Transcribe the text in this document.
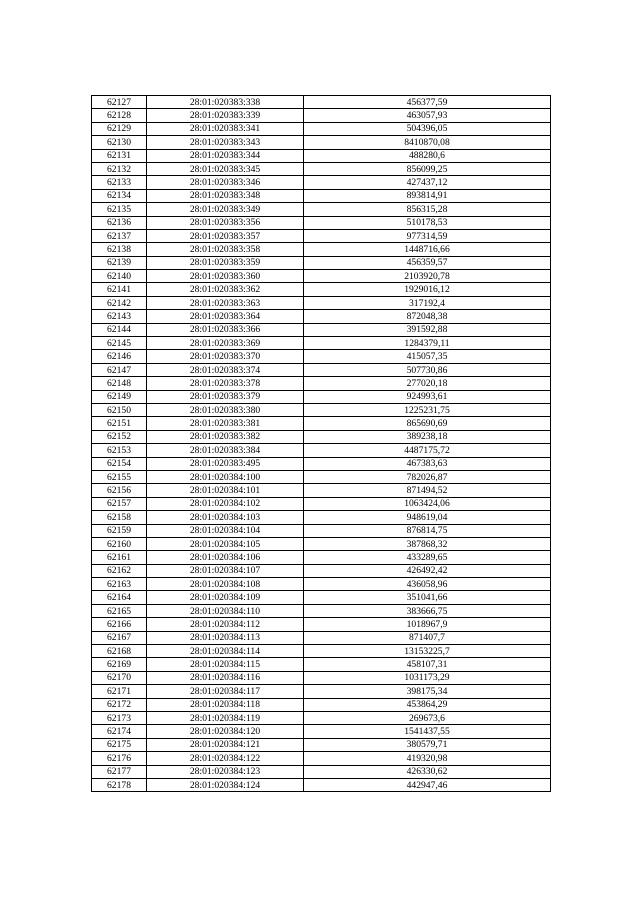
62127	28:01:020383:338	456377,59
62128	28:01:020383:339	463057,93
62129	28:01:020383:341	504396,05
62130	28:01:020383:343	8410870,08
62131	28:01:020383:344	488280,6
62132	28:01:020383:345	856099,25
62133	28:01:020383:346	427437,12
62134	28:01:020383:348	893814,91
62135	28:01:020383:349	856315,28
62136	28:01:020383:356	510178,53
62137	28:01:020383:357	977314,59
62138	28:01:020383:358	1448716,66
62139	28:01:020383:359	456359,57
62140	28:01:020383:360	2103920,78
62141	28:01:020383:362	1929016,12
62142	28:01:020383:363	317192,4
62143	28:01:020383:364	872048,38
62144	28:01:020383:366	391592,88
62145	28:01:020383:369	1284379,11
62146	28:01:020383:370	415057,35
62147	28:01:020383:374	507730,86
62148	28:01:020383:378	277020,18
62149	28:01:020383:379	924993,61
62150	28:01:020383:380	1225231,75
62151	28:01:020383:381	865690,69
62152	28:01:020383:382	389238,18
62153	28:01:020383:384	4487175,72
62154	28:01:020383:495	467383,63
62155	28:01:020384:100	782026,87
62156	28:01:020384:101	871494,52
62157	28:01:020384:102	1063424,06
62158	28:01:020384:103	948619,04
62159	28:01:020384:104	876814,75
62160	28:01:020384:105	387868,32
62161	28:01:020384:106	433289,65
62162	28:01:020384:107	426492,42
62163	28:01:020384:108	436058,96
62164	28:01:020384:109	351041,66
62165	28:01:020384:110	383666,75
62166	28:01:020384:112	1018967,9
62167	28:01:020384:113	871407,7
62168	28:01:020384:114	13153225,7
62169	28:01:020384:115	458107,31
62170	28:01:020384:116	1031173,29
62171	28:01:020384:117	398175,34
62172	28:01:020384:118	453864,29
62173	28:01:020384:119	269673,6
62174	28:01:020384:120	1541437,55
62175	28:01:020384:121	380579,71
62176	28:01:020384:122	419320,98
62177	28:01:020384:123	426330,62
62178	28:01:020384:124	442947,46
